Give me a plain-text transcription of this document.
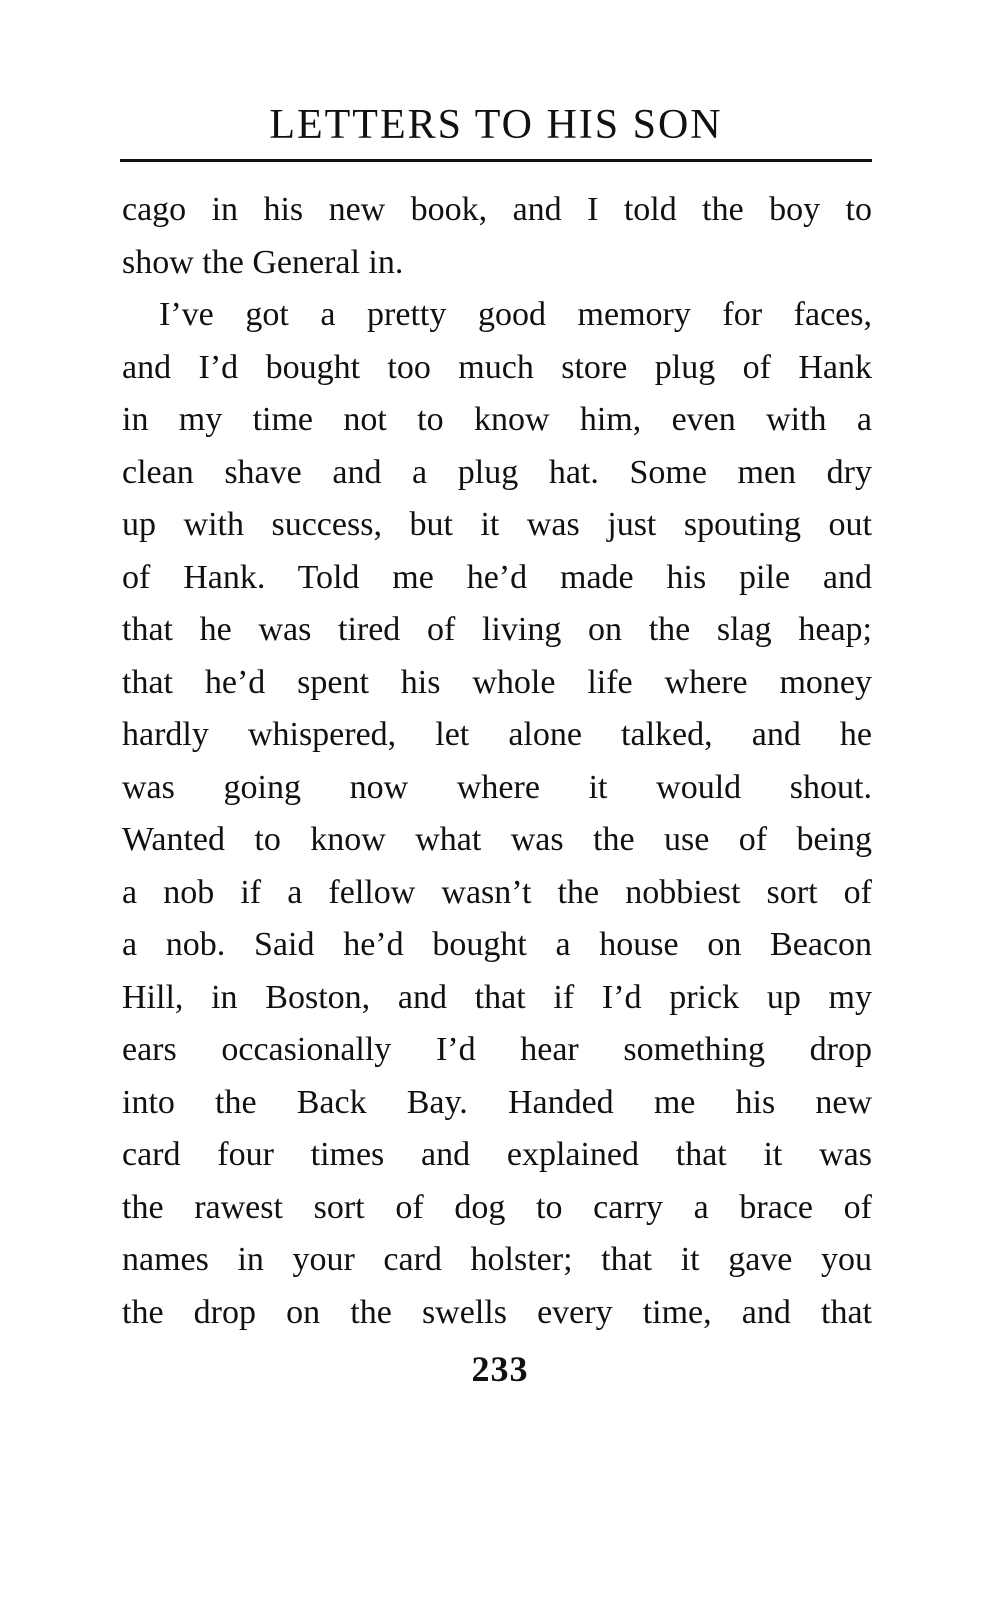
LETTERS TO HIS SON
cago in his new book, and I told the boy to
show the General in.
I’ve got a pretty good memory for faces,
and I’d bought too much store plug of Hank
in my time not to know him, even with a
clean shave and a plug hat. Some men dry
up with success, but it was just spouting out
of Hank. Told me he’d made his pile and
that he was tired of living on the slag heap;
that he’d spent his whole life where money
hardly whispered, let alone talked, and he
was going now where it would shout.
Wanted to know what was the use of being
a nob if a fellow wasn’t the nobbiest sort of
a nob. Said he’d bought a house on Beacon
Hill, in Boston, and that if I’d prick up my
ears occasionally I’d hear something drop
into the Back Bay. Handed me his new
card four times and explained that it was
the rawest sort of dog to carry a brace of
names in your card holster; that it gave you
the drop on the swells every time, and that
233
